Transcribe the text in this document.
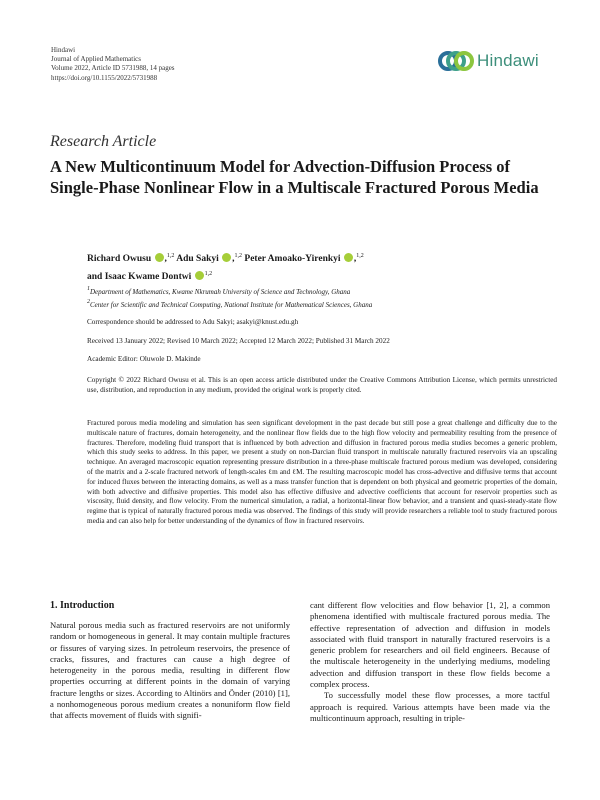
Hindawi
Journal of Applied Mathematics
Volume 2022, Article ID 5731988, 14 pages
https://doi.org/10.1155/2022/5731988
Hindawi
Research Article
A New Multicontinuum Model for Advection-Diffusion Process of Single-Phase Nonlinear Flow in a Multiscale Fractured Porous Media
Richard Owusu ,$^{1,2}$ Adu Sakyi ,$^{1,2}$ Peter Amoako-Yirenkyi ,$^{1,2}$
and Isaac Kwame Dontwi $^{1,2}$
$^1$Department of Mathematics, Kwame Nkrumah University of Science and Technology, Ghana
$^2$Center for Scientific and Technical Computing, National Institute for Mathematical Sciences, Ghana
Correspondence should be addressed to Adu Sakyi; asakyi@knust.edu.gh
Received 13 January 2022; Revised 10 March 2022; Accepted 12 March 2022; Published 31 March 2022
Academic Editor: Oluwole D. Makinde
Copyright © 2022 Richard Owusu et al. This is an open access article distributed under the Creative Commons Attribution License, which permits unrestricted use, distribution, and reproduction in any medium, provided the original work is properly cited.
Fractured porous media modeling and simulation has seen significant development in the past decade but still pose a great challenge and difficulty due to the multiscale nature of fractures, domain heterogeneity, and the nonlinear flow fields due to the high flow velocity and permeability resulting from the presence of fractures. Therefore, modeling fluid transport that is influenced by both advection and diffusion in fractured porous media studies becomes a generic problem, which this study seeks to address. In this paper, we present a study on non-Darcian fluid transport in multiscale naturally fractured reservoirs via an upscaling technique. An averaged macroscopic equation representing pressure distribution in a three-phase multiscale fractured porous medium was developed, considering of the matrix and a 2-scale fractured network of length-scales ℓm and ℓM. The resulting macroscopic model has cross-advective and diffusive terms that account for induced fluxes between the interacting domains, as well as a mass transfer function that is dependent on both physical and geometric properties of the domain, with both advective and diffusive properties. This model also has effective diffusive and advective coefficients that account for reservoir properties such as viscosity, fluid density, and flow velocity. From the numerical simulation, a radial, a horizontal-linear flow behavior, and a transient and quasi-steady-state flow regime that is typical of naturally fractured porous media was observed. The findings of this study will provide researchers a reliable tool to study fractured porous media and can also help for better understanding of the dynamics of flow in fractured reservoirs.
1. Introduction

Natural porous media such as fractured reservoirs are not uniformly random or homogeneous in general. It may contain multiple fractures or fissures of varying sizes. In petroleum reservoirs, the presence of cracks, fissures, and fractures can cause a high degree of heterogeneity in the porous media, resulting in different flow properties occurring at different points in the domain of varying fracture lengths or sizes. According to Altinörs and Önder (2010) [1], a nonhomogeneous porous medium creates a nonuniform flow field that affects movement of fluids with signifi-

cant different flow velocities and flow behavior [1, 2], a common phenomena identified with multiscale fractured porous media. The effective representation of advection and diffusion in models associated with fluid transport in naturally fractured reservoirs is a generic problem for researchers and oil field engineers. Because of the multiscale heterogeneity in the underlying mediums, modeling advection and diffusion transport in these flow fields become a complex process.

To successfully model these flow processes, a more tactful approach is required. Various attempts have been made via the multicontinuum approach, resulting in triple-
